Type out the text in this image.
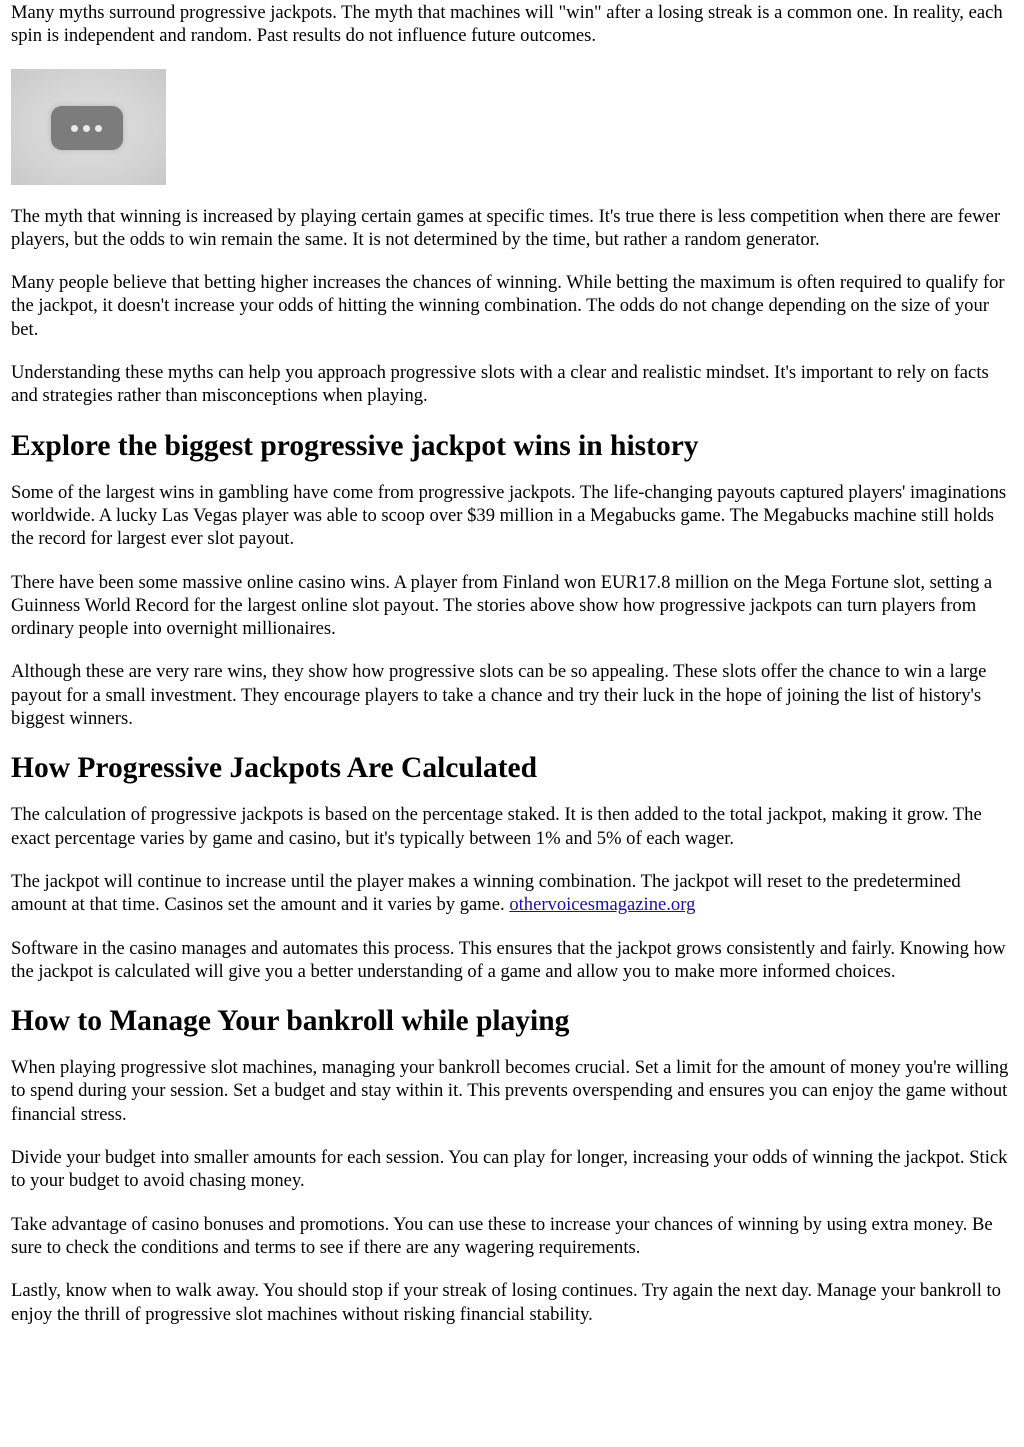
Many myths surround progressive jackpots. The myth that machines will "win" after a losing streak is a common one. In reality, each spin is independent and random. Past results do not influence future outcomes.

The myth that winning is increased by playing certain games at specific times. It's true there is less competition when there are fewer players, but the odds to win remain the same. It is not determined by the time, but rather a random generator.

Many people believe that betting higher increases the chances of winning. While betting the maximum is often required to qualify for the jackpot, it doesn't increase your odds of hitting the winning combination. The odds do not change depending on the size of your bet.

Understanding these myths can help you approach progressive slots with a clear and realistic mindset. It's important to rely on facts and strategies rather than misconceptions when playing.

Explore the biggest progressive jackpot wins in history

Some of the largest wins in gambling have come from progressive jackpots. The life-changing payouts captured players' imaginations worldwide. A lucky Las Vegas player was able to scoop over $39 million in a Megabucks game. The Megabucks machine still holds the record for largest ever slot payout.

There have been some massive online casino wins. A player from Finland won EUR17.8 million on the Mega Fortune slot, setting a Guinness World Record for the largest online slot payout. The stories above show how progressive jackpots can turn players from ordinary people into overnight millionaires.

Although these are very rare wins, they show how progressive slots can be so appealing. These slots offer the chance to win a large payout for a small investment. They encourage players to take a chance and try their luck in the hope of joining the list of history's biggest winners.

How Progressive Jackpots Are Calculated

The calculation of progressive jackpots is based on the percentage staked. It is then added to the total jackpot, making it grow. The exact percentage varies by game and casino, but it's typically between 1% and 5% of each wager.

The jackpot will continue to increase until the player makes a winning combination. The jackpot will reset to the predetermined amount at that time. Casinos set the amount and it varies by game. othervoicesmagazine.org

Software in the casino manages and automates this process. This ensures that the jackpot grows consistently and fairly. Knowing how the jackpot is calculated will give you a better understanding of a game and allow you to make more informed choices.

How to Manage Your bankroll while playing

When playing progressive slot machines, managing your bankroll becomes crucial. Set a limit for the amount of money you're willing to spend during your session. Set a budget and stay within it. This prevents overspending and ensures you can enjoy the game without financial stress.

Divide your budget into smaller amounts for each session. You can play for longer, increasing your odds of winning the jackpot. Stick to your budget to avoid chasing money.

Take advantage of casino bonuses and promotions. You can use these to increase your chances of winning by using extra money. Be sure to check the conditions and terms to see if there are any wagering requirements.

Lastly, know when to walk away. You should stop if your streak of losing continues. Try again the next day. Manage your bankroll to enjoy the thrill of progressive slot machines without risking financial stability.
